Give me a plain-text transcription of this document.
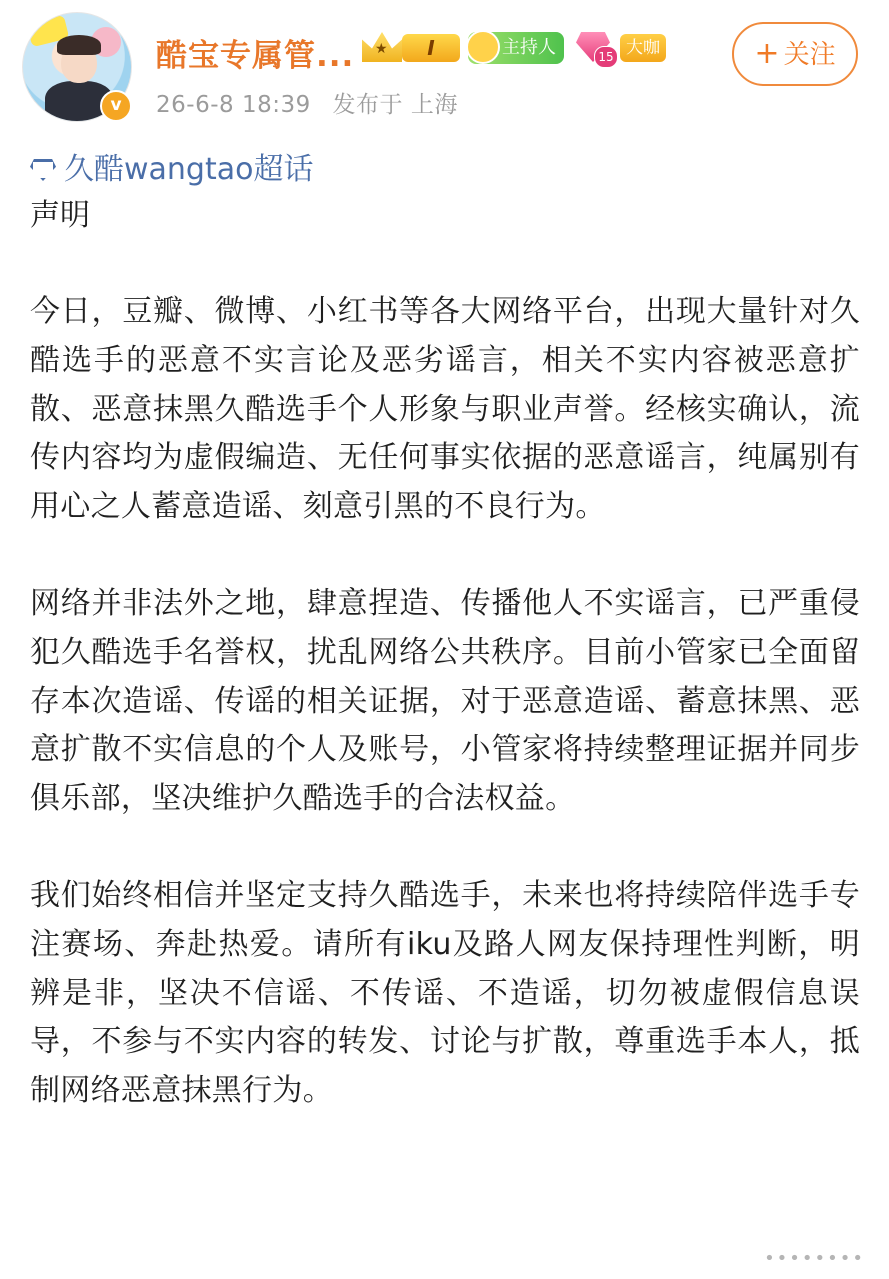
v
酷宝专属管... ★	I	主持人	15 大咖
26-6-8 18:39 发布于 上海
+ 关注
久酷wangtao超话
声明

今日，豆瓣、微博、小红书等各大网络平台，出现大量针对久酷选手的恶意不实言论及恶劣谣言，相关不实内容被恶意扩散、恶意抹黑久酷选手个人形象与职业声誉。经核实确认，流传内容均为虚假编造、无任何事实依据的恶意谣言，纯属别有用心之人蓄意造谣、刻意引黑的不良行为。

网络并非法外之地，肆意捏造、传播他人不实谣言，已严重侵犯久酷选手名誉权，扰乱网络公共秩序。目前小管家已全面留存本次造谣、传谣的相关证据，对于恶意造谣、蓄意抹黑、恶意扩散不实信息的个人及账号，小管家将持续整理证据并同步俱乐部，坚决维护久酷选手的合法权益。

我们始终相信并坚定支持久酷选手，未来也将持续陪伴选手专注赛场、奔赴热爱。请所有iku及路人网友保持理性判断，明辨是非，坚决不信谣、不传谣、不造谣，切勿被虚假信息误导，不参与不实内容的转发、讨论与扩散，尊重选手本人，抵制网络恶意抹黑行为。

••••••••
